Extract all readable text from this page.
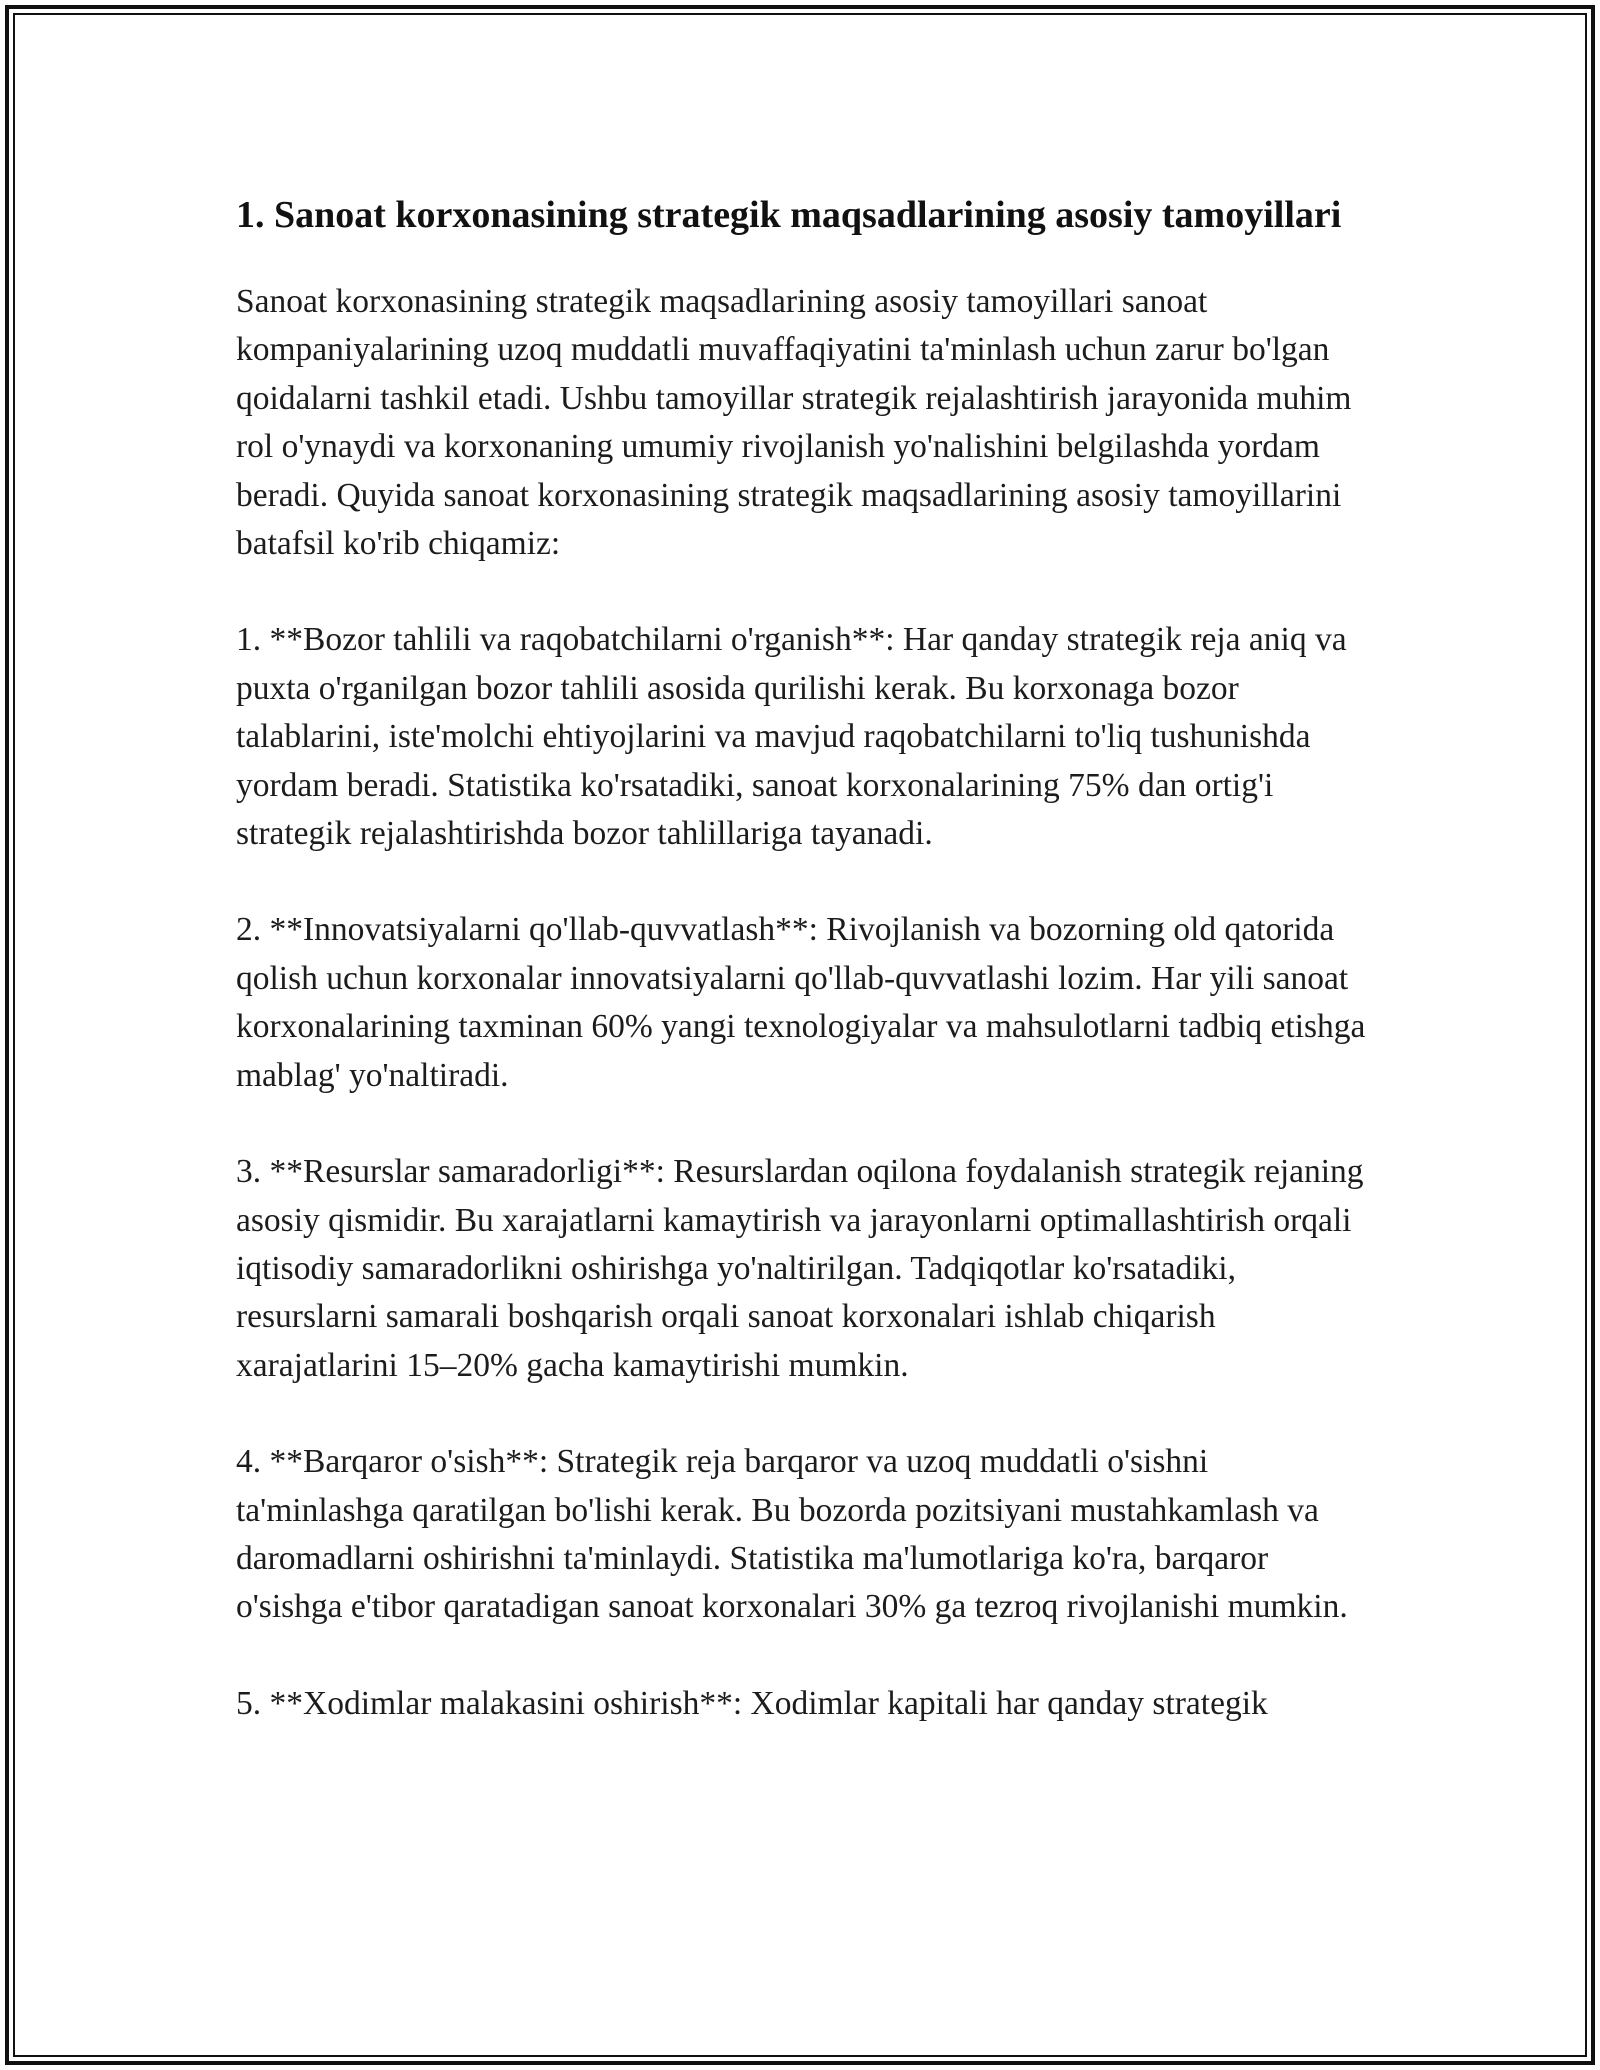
1. Sanoat korxonasining strategik maqsadlarining asosiy tamoyillari

Sanoat korxonasining strategik maqsadlarining asosiy tamoyillari sanoat kompaniyalarining uzoq muddatli muvaffaqiyatini ta'minlash uchun zarur bo'lgan qoidalarni tashkil etadi. Ushbu tamoyillar strategik rejalashtirish jarayonida muhim rol o'ynaydi va korxonaning umumiy rivojlanish yo'nalishini belgilashda yordam beradi. Quyida sanoat korxonasining strategik maqsadlarining asosiy tamoyillarini batafsil ko'rib chiqamiz:

1. **Bozor tahlili va raqobatchilarni o'rganish**: Har qanday strategik reja aniq va puxta o'rganilgan bozor tahlili asosida qurilishi kerak. Bu korxonaga bozor talablarini, iste'molchi ehtiyojlarini va mavjud raqobatchilarni to'liq tushunishda yordam beradi. Statistika ko'rsatadiki, sanoat korxonalarining 75% dan ortig'i strategik rejalashtirishda bozor tahlillariga tayanadi.

2. **Innovatsiyalarni qo'llab-quvvatlash**: Rivojlanish va bozorning old qatorida qolish uchun korxonalar innovatsiyalarni qo'llab-quvvatlashi lozim. Har yili sanoat korxonalarining taxminan 60% yangi texnologiyalar va mahsulotlarni tadbiq etishga mablag' yo'naltiradi.

3. **Resurslar samaradorligi**: Resurslardan oqilona foydalanish strategik rejaning asosiy qismidir. Bu xarajatlarni kamaytirish va jarayonlarni optimallashtirish orqali iqtisodiy samaradorlikni oshirishga yo'naltirilgan. Tadqiqotlar ko'rsatadiki, resurslarni samarali boshqarish orqali sanoat korxonalari ishlab chiqarish xarajatlarini 15–20% gacha kamaytirishi mumkin.

4. **Barqaror o'sish**: Strategik reja barqaror va uzoq muddatli o'sishni ta'minlashga qaratilgan bo'lishi kerak. Bu bozorda pozitsiyani mustahkamlash va daromadlarni oshirishni ta'minlaydi. Statistika ma'lumotlariga ko'ra, barqaror o'sishga e'tibor qaratadigan sanoat korxonalari 30% ga tezroq rivojlanishi mumkin.

5. **Xodimlar malakasini oshirish**: Xodimlar kapitali har qanday strategik
